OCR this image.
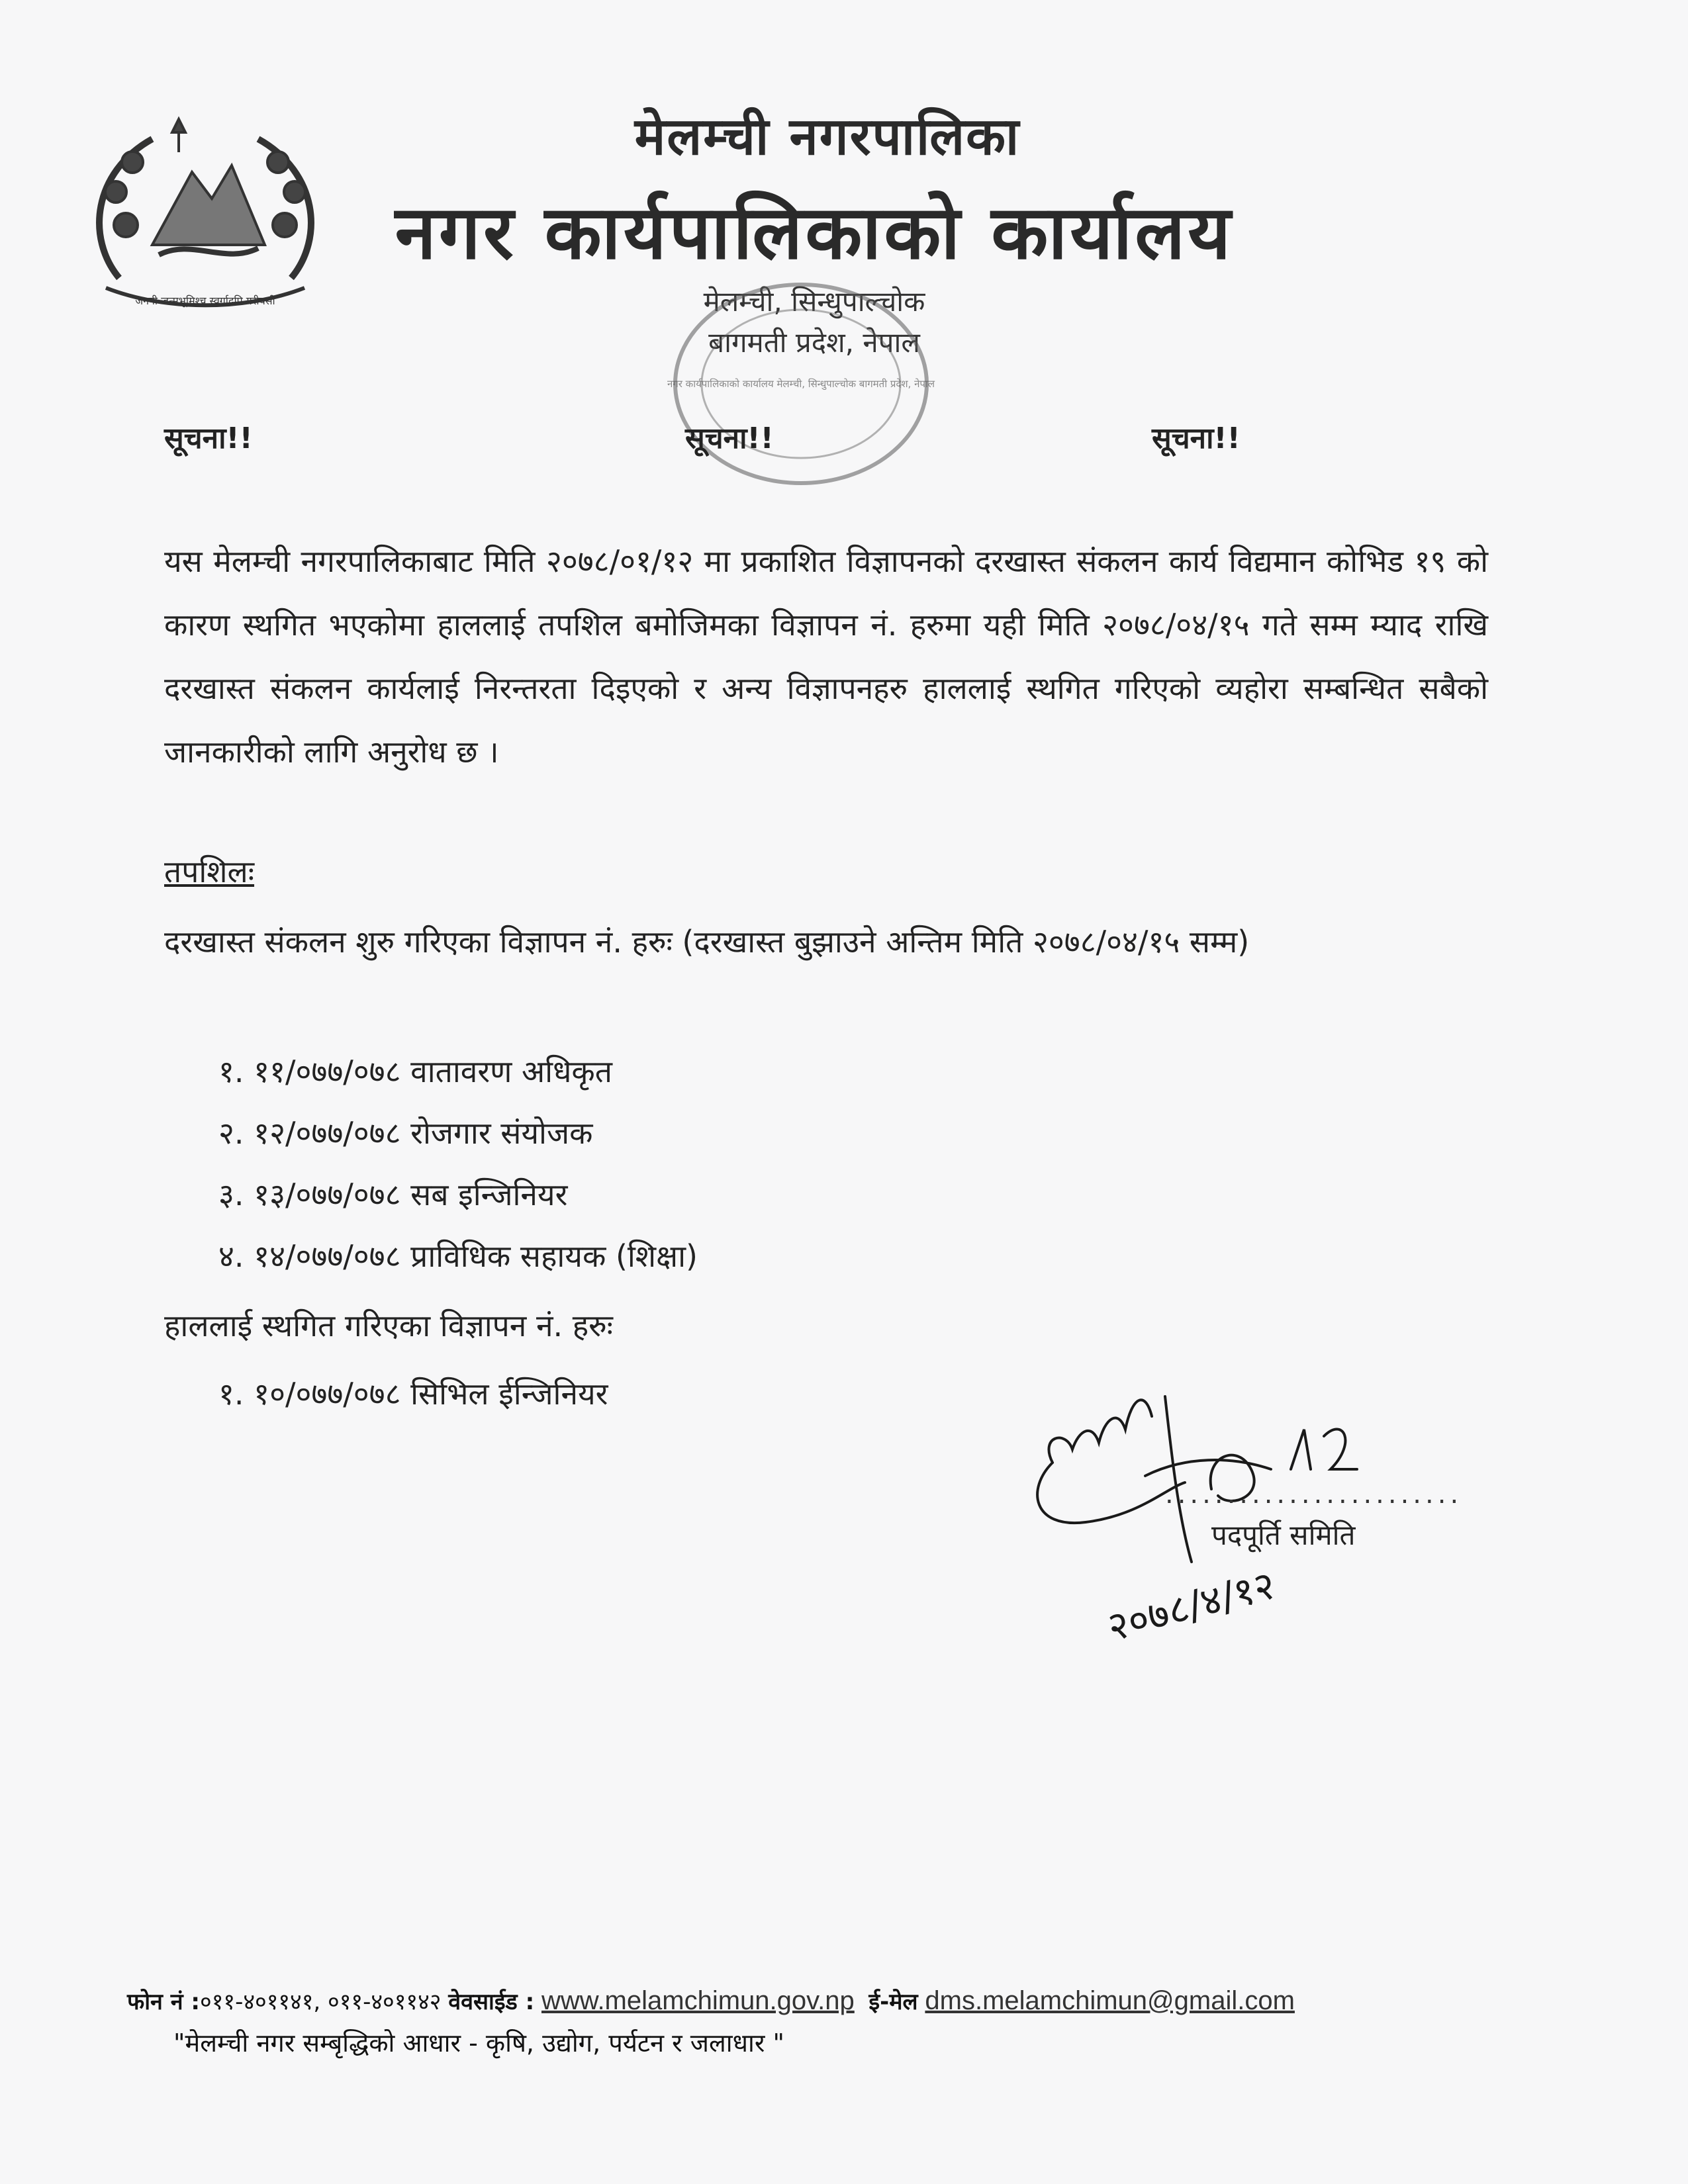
जननी जन्मभूमिश्च स्वर्गादपि गरीयसी
मेलम्ची नगरपालिका
नगर कार्यपालिकाको कार्यालय
मेलम्ची, सिन्धुपाल्चोक
बागमती प्रदेश, नेपाल
नगर कार्यपालिकाको कार्यालय मेलम्ची, सिन्धुपाल्चोक बागमती प्रदेश, नेपाल
सूचना!!	सूचना!!	सूचना!!
यस मेलम्ची नगरपालिकाबाट मिति २०७८/०१/१२ मा प्रकाशित विज्ञापनको दरखास्त संकलन कार्य विद्यमान कोभिड १९ को कारण स्थगित भएकोमा हाललाई तपशिल बमोजिमका विज्ञापन नं. हरुमा यही मिति २०७८/०४/१५ गते सम्म म्याद राखि दरखास्त संकलन कार्यलाई निरन्तरता दिइएको र अन्य विज्ञापनहरु हाललाई स्थगित गरिएको व्यहोरा सम्बन्धित सबैको जानकारीको लागि अनुरोध छ ।
तपशिलः
दरखास्त संकलन शुरु गरिएका विज्ञापन नं. हरुः (दरखास्त बुझाउने अन्तिम मिति २०७८/०४/१५ सम्म)
१. ११/०७७/०७८ वातावरण अधिकृत
२. १२/०७७/०७८ रोजगार संयोजक
३. १३/०७७/०७८ सब इन्जिनियर
४. १४/०७७/०७८ प्राविधिक सहायक (शिक्षा)
हाललाई स्थगित गरिएका विज्ञापन नं. हरुः
१. १०/०७७/०७८ सिभिल ईन्जिनियर
२०७८/४/१२
........................
पदपूर्ति समिति
फोन नं :०११-४०११४१, ०११-४०११४२ वेवसाईड : www.melamchimun.gov.np ई-मेल dms.melamchimun@gmail.com
"मेलम्ची नगर सम्बृद्धिको आधार - कृषि, उद्योग, पर्यटन र जलाधार "
